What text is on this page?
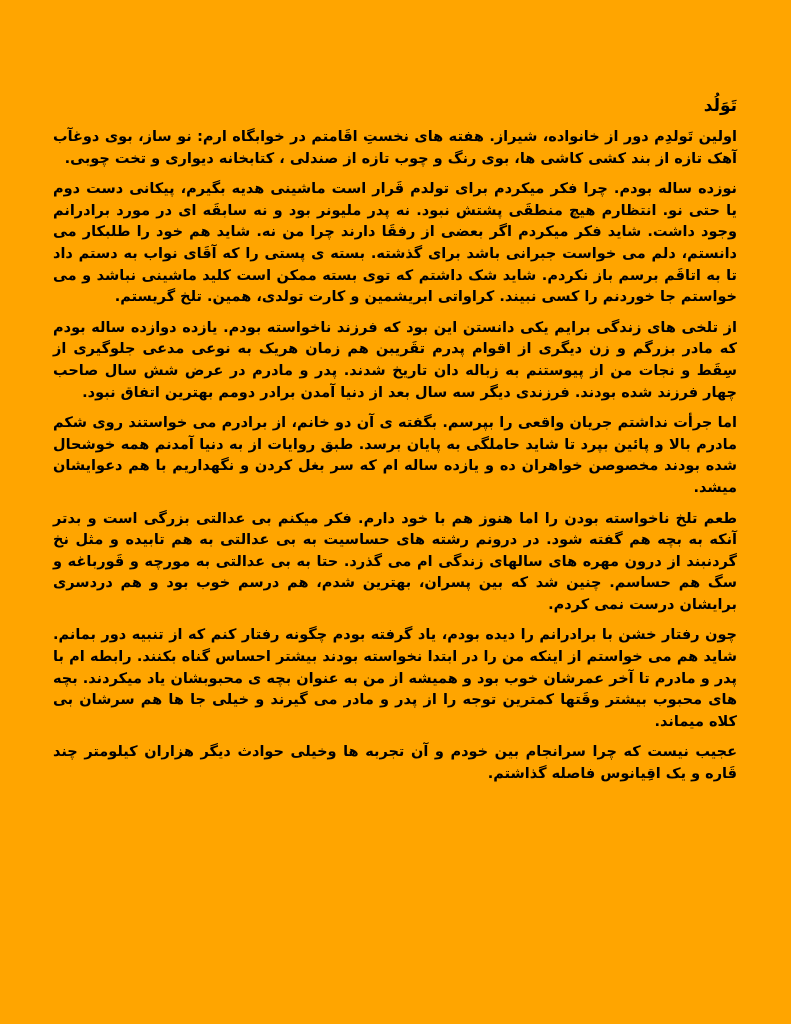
تَوَلُد

اولین تَولدِم دور از خانواده، شیراز. هفته های نخستِ اقَامتم در خوابگاه ارم: نو ساز، بوی دوغآب آهک تازه از بند کشی کاشی ها، بوی رنگ و چوب تازه از صندلی ، کتابخانه دیواری و تخت چوبی.

نوزده ساله بودم. چرا فکر میکردم برای تولدم قَرار است ماشینی هدیه بگیرم، پیکانی دست دوم یا حتی نو. انتظارم هیچ منطقَی پشتش نبود. نه پدر ملیونر بود و نه سابقَه ای در مورد برادرانم وجود داشت. شاید فکر میکردم اگر بعضی از رفقَا دارند چرا من نه. شاید هم خود را طلبکار می دانستم، دلم می خواست جبرانی باشد برای گذشته. بسته ی پستی را که آقَای نواب به دستم داد تا به اتاقَم برسم باز نکردم. شاید شک داشتم که توی بسته ممکن است کلید ماشینی نباشد و می خواستم جا خوردنم را کسی نبیند. کراواتی ابریشمین و کارت تولدی، همین. تلخ گریستم.

از تلخی های زندگی برایم یکی دانستن این بود که فرزند ناخواسته بودم. یازده دوازده ساله بودم که مادر بزرگم و زن دیگری از اقوام پدرم تقَریبن هم زمان هریک به نوعی مدعی جلوگیری از سِقَط و نجات من از پیوستنم به زباله دان تاریخ شدند. پدر و مادرم در عرض شش سال صاحب چهار فرزند شده بودند. فرزندی دیگر سه سال بعد از دنیا آمدن برادر دومم بهترین اتفاق نبود.

اما جرأت نداشتم جریان واقعی را بپرسم. بگفته ی آن دو خانم، از برادرم می خواستند روی شکم مادرم بالا و پائین بپرد تا شاید حاملگی به پایان برسد. طبق روایات از به دنیا آمدنم همه خوشحال شده بودند مخصوصن خواهران ده و یازده ساله ام که سر بغل کردن و نگهداریم با هم دعوایشان میشد.

طعم تلخ ناخواسته بودن را اما هنوز هم با خود دارم. فکر میکنم بی عدالتی بزرگی است و بدتر آنکه به بچه هم گفته شود. در درونم رشته های حساسیت به بی عدالتی به هم تابیده و مثل نخ گردنبند از درون مهره های سالهای زندگی ام می گذرد. حتا به بی عدالتی به مورچه و قَورباغه و سگ هم حساسم. چنین شد که بین پسران، بهترین شدم، هم درسم خوب بود و هم دردسری برایشان درست نمی کردم.

چون رفتار خشن با برادرانم را دیده بودم، یاد گرفته بودم چگونه رفتار کنم که از تنبیه دور بمانم. شاید هم می خواستم از اینکه من را در ابتدا نخواسته بودند بیشتر احساس گناه بکنند. رابطه ام با پدر و مادرم تا آخر عمرشان خوب بود و همیشه از من به عنوان بچه ی محبوبشان یاد میکردند. بچه های محبوب بیشتر وقَتها کمترین توجه را از پدر و مادر می گیرند و خیلی جا ها هم سرشان بی کلاه میماند.

عجیب نیست که چرا سرانجام بین خودم و آن تجربه ها وخیلی حوادث دیگر هزاران کیلومتر چند قَاره و یک اقِیانوس فاصله گذاشتم.
